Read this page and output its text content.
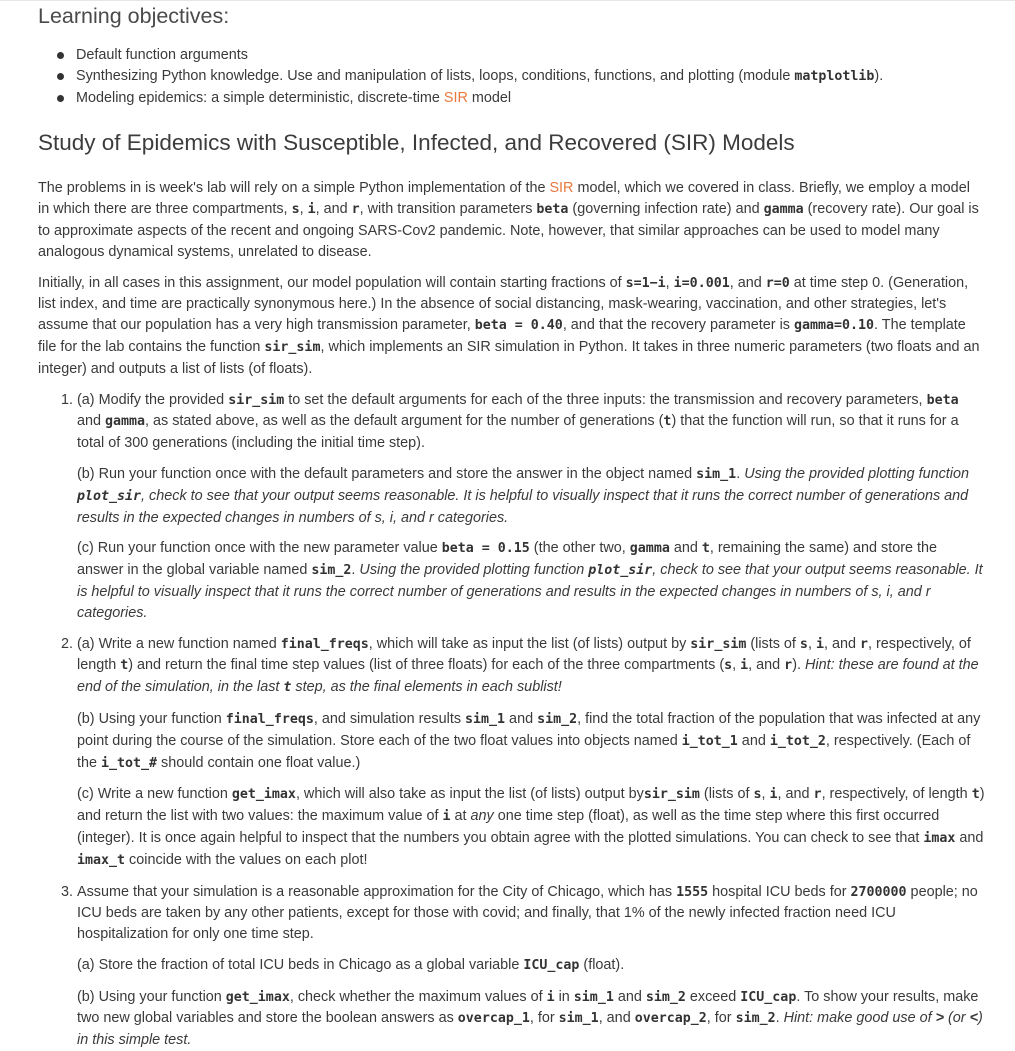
Learning objectives:
Default function arguments
Synthesizing Python knowledge. Use and manipulation of lists, loops, conditions, functions, and plotting (module matplotlib).
Modeling epidemics: a simple deterministic, discrete-time SIR model
Study of Epidemics with Susceptible, Infected, and Recovered (SIR) Models

The problems in is week's lab will rely on a simple Python implementation of the SIR model, which we covered in class. Briefly, we employ a model in which there are three compartments, s, i, and r, with transition parameters beta (governing infection rate) and gamma (recovery rate). Our goal is to approximate aspects of the recent and ongoing SARS-Cov2 pandemic. Note, however, that similar approaches can be used to model many analogous dynamical systems, unrelated to disease.

Initially, in all cases in this assignment, our model population will contain starting fractions of s=1−i, i=0.001, and r=0 at time step 0. (Generation, list index, and time are practically synonymous here.) In the absence of social distancing, mask-wearing, vaccination, and other strategies, let's assume that our population has a very high transmission parameter, beta = 0.40, and that the recovery parameter is gamma=0.10. The template file for the lab contains the function sir_sim, which implements an SIR simulation in Python. It takes in three numeric parameters (two floats and an integer) and outputs a list of lists (of floats).

1. (a) Modify the provided sir_sim to set the default arguments for each of the three inputs: the transmission and recovery parameters, beta and gamma, as stated above, as well as the default argument for the number of generations (t) that the function will run, so that it runs for a total of 300 generations (including the initial time step).

(b) Run your function once with the default parameters and store the answer in the object named sim_1. Using the provided plotting function plot_sir, check to see that your output seems reasonable. It is helpful to visually inspect that it runs the correct number of generations and results in the expected changes in numbers of s, i, and r categories.

(c) Run your function once with the new parameter value beta = 0.15 (the other two, gamma and t, remaining the same) and store the answer in the global variable named sim_2. Using the provided plotting function plot_sir, check to see that your output seems reasonable. It is helpful to visually inspect that it runs the correct number of generations and results in the expected changes in numbers of s, i, and r categories.

2. (a) Write a new function named final_freqs, which will take as input the list (of lists) output by sir_sim (lists of s, i, and r, respectively, of length t) and return the final time step values (list of three floats) for each of the three compartments (s, i, and r). Hint: these are found at the end of the simulation, in the last t step, as the final elements in each sublist!

(b) Using your function final_freqs, and simulation results sim_1 and sim_2, find the total fraction of the population that was infected at any point during the course of the simulation. Store each of the two float values into objects named i_tot_1 and i_tot_2, respectively. (Each of the i_tot_# should contain one float value.)

(c) Write a new function get_imax, which will also take as input the list (of lists) output bysir_sim (lists of s, i, and r, respectively, of length t) and return the list with two values: the maximum value of i at any one time step (float), as well as the time step where this first occurred (integer). It is once again helpful to inspect that the numbers you obtain agree with the plotted simulations. You can check to see that imax and imax_t coincide with the values on each plot!

3. Assume that your simulation is a reasonable approximation for the City of Chicago, which has 1555 hospital ICU beds for 2700000 people; no ICU beds are taken by any other patients, except for those with covid; and finally, that 1% of the newly infected fraction need ICU hospitalization for only one time step.

(a) Store the fraction of total ICU beds in Chicago as a global variable ICU_cap (float).

(b) Using your function get_imax, check whether the maximum values of i in sim_1 and sim_2 exceed ICU_cap. To show your results, make two new global variables and store the boolean answers as overcap_1, for sim_1, and overcap_2, for sim_2. Hint: make good use of > (or <) in this simple test.
